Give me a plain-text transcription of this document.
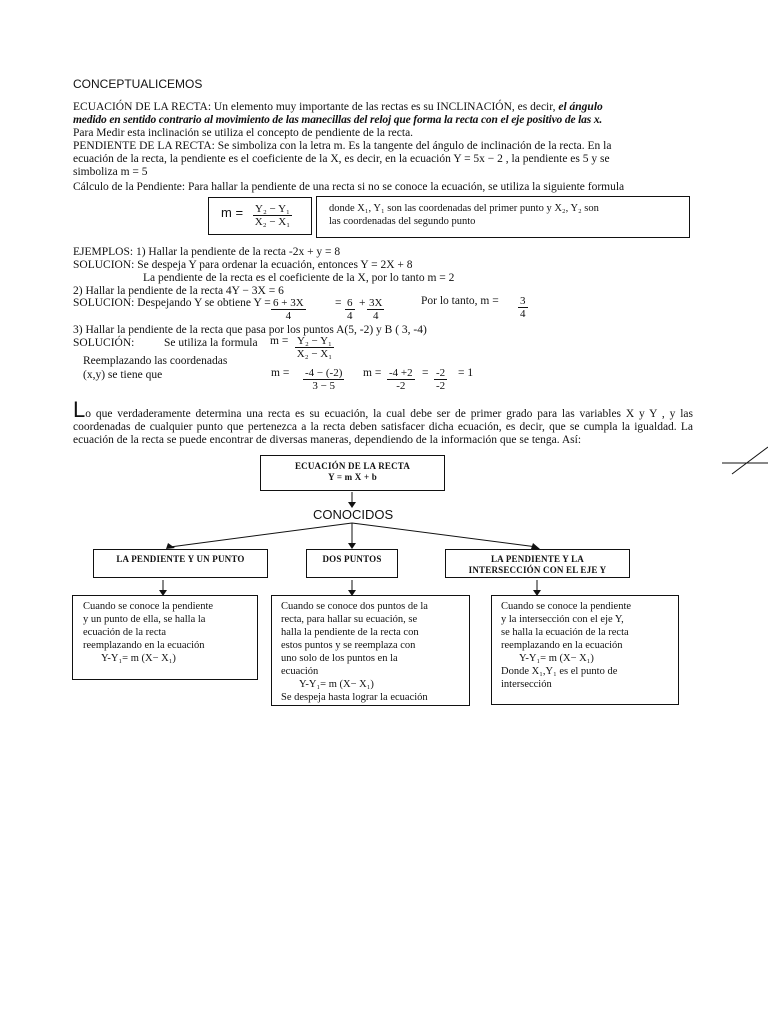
CONCEPTUALICEMOS
ECUACIÓN DE LA RECTA: Un elemento muy importante de las rectas es su INCLINACIÓN, es decir, el ángulo
medido en sentido contrario al movimiento de las manecillas del reloj que forma la recta con el eje positivo de las x.
Para Medir esta inclinación se utiliza el concepto de pendiente de la recta.
PENDIENTE DE LA RECTA: Se simboliza con la letra m. Es la tangente del ángulo de inclinación de la recta. En la
ecuación de la recta, la pendiente es el coeficiente de la X, es decir, en la ecuación Y = 5x − 2 , la pendiente es 5 y se
simboliza m = 5
Cálculo de la Pendiente: Para hallar la pendiente de una recta si no se conoce la ecuación, se utiliza la siguiente formula
$m = \frac{\text{Y₂ − Y₁}}{\text{X₂ − X₁}}$	donde X₁, Y₁ son las coordenadas del primer punto y X₂, Y₂ son
las coordenadas del segundo punto
EJEMPLOS: 1) Hallar la pendiente de la recta -2x + y = 8
SOLUCION: Se despeja Y para ordenar la ecuación, entonces Y = 2X + 8
La pendiente de la recta es el coeficiente de la X, por lo tanto m = 2
2) Hallar la pendiente de la recta 4Y − 3X = 6
SOLUCION: Despejando Y se obtiene $Y = \frac{6 + 3X}{4}$	= $\frac{6}{4} + \frac{3X}{4}$	Por lo tanto, $m = \frac{3}{4}$
3) Hallar la pendiente de la recta que pasa por los puntos A(5, -2) y B ( 3, -4)
SOLUCIÓN:	Se utiliza la formula $m = \frac{\text{Y₂ − Y₁}}{\text{X₂ − X₁}}$
Reemplazando las coordenadas
(x,y) se tiene que	$m = \frac{-4 - (-2)}{3 - 5}$ $m = \frac{-4 +2}{-2} = \frac{-2}{-2} = 1$
Lo que verdaderamente determina una recta es su ecuación, la cual debe ser de primer grado para las variables X y Y , y las coordenadas de cualquier punto que pertenezca a la recta deben satisfacer dicha ecuación, es decir, que se cumpla la igualdad. La ecuación de la recta se puede encontrar de diversas maneras, dependiendo de la información que se tenga. Así:
ECUACIÓN DE LA RECTA
Y = m X + b
CONOCIDOS
LA PENDIENTE Y UN PUNTO	DOS PUNTOS	LA PENDIENTE Y LA INTERSECCIÓN CON EL EJE Y
Cuando se conoce la pendiente
y un punto de ella, se halla la
ecuación de la recta
reemplazando en la ecuación
Y-Y₁= m (X− X₁)
Cuando se conoce dos puntos de la
recta, para hallar su ecuación, se
halla la pendiente de la recta con
estos puntos y se reemplaza con
uno solo de los puntos en la
ecuación
Y-Y₁= m (X− X₁)
Se despeja hasta lograr la ecuación
Cuando se conoce la pendiente
y la intersección con el eje Y,
se halla la ecuación de la recta
reemplazando en la ecuación
Y-Y₁= m (X− X₁)
Donde X₁,Y₁ es el punto de
intersección
